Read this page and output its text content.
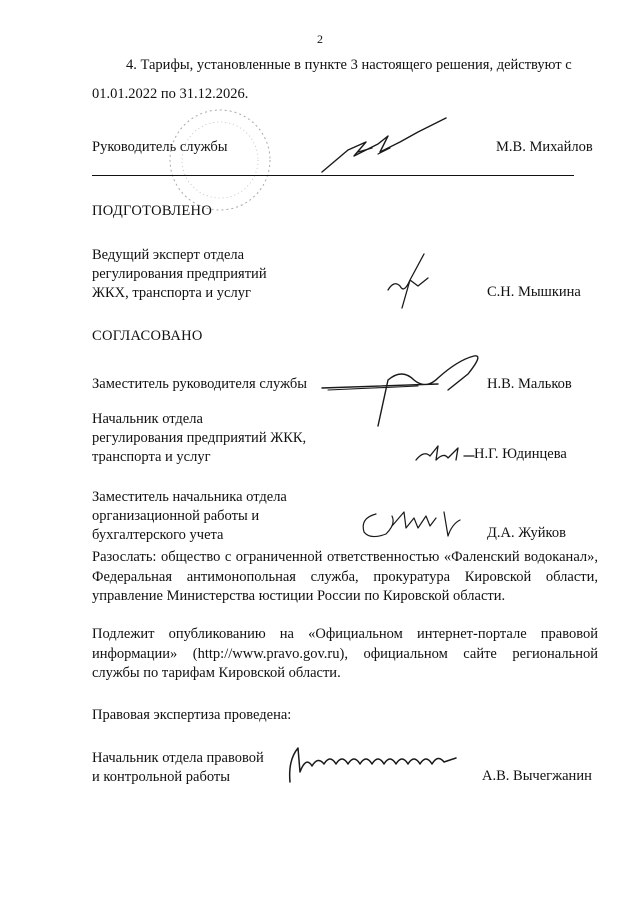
2
4. Тарифы, установленные в пункте 3 настоящего решения, действуют с
01.01.2022 по 31.12.2026.
Руководитель службы	М.В. Михайлов
ПОДГОТОВЛЕНО
Ведущий эксперт отдела
регулирования предприятий
ЖКХ, транспорта и услуг	С.Н. Мышкина
СОГЛАСОВАНО
Заместитель руководителя службы	Н.В. Мальков
Начальник отдела
регулирования предприятий ЖКК,
транспорта и услуг	Н.Г. Юдинцева
Заместитель начальника отдела
организационной работы и
бухгалтерского учета	Д.А. Жуйков
Разослать: общество с ограниченной ответственностью «Фаленский водоканал», Федеральная антимонопольная служба, прокуратура Кировской области, управление Министерства юстиции России по Кировской области.
Подлежит опубликованию на «Официальном интернет-портале правовой информации» (http://www.pravo.gov.ru), официальном сайте региональной службы по тарифам Кировской области.
Правовая экспертиза проведена:
Начальник отдела правовой
и контрольной работы	А.В. Вычегжанин
